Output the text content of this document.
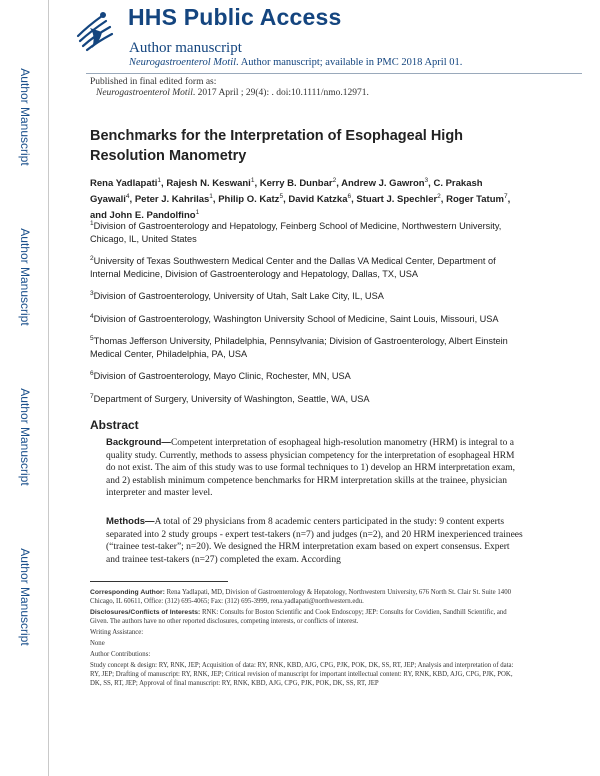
Author Manuscript
Author Manuscript
Author Manuscript
Author Manuscript
HHS Public Access
Author manuscript
Neurogastroenterol Motil. Author manuscript; available in PMC 2018 April 01.
Published in final edited form as:
Neurogastroenterol Motil. 2017 April ; 29(4): . doi:10.1111/nmo.12971.
Benchmarks for the Interpretation of Esophageal High Resolution Manometry
Rena Yadlapati$^1$, Rajesh N. Keswani$^1$, Kerry B. Dunbar$^2$, Andrew J. Gawron$^3$, C. Prakash Gyawali$^4$, Peter J. Kahrilas$^1$, Philip O. Katz$^5$, David Katzka$^6$, Stuart J. Spechler$^2$, Roger Tatum$^7$, and John E. Pandolfino$^1$

$^1$Division of Gastroenterology and Hepatology, Feinberg School of Medicine, Northwestern University, Chicago, IL, United States

$^2$University of Texas Southwestern Medical Center and the Dallas VA Medical Center, Department of Internal Medicine, Division of Gastroenterology and Hepatology, Dallas, TX, USA

$^3$Division of Gastroenterology, University of Utah, Salt Lake City, IL, USA

$^4$Division of Gastroenterology, Washington University School of Medicine, Saint Louis, Missouri, USA

$^5$Thomas Jefferson University, Philadelphia, Pennsylvania; Division of Gastroenterology, Albert Einstein Medical Center, Philadelphia, PA, USA

$^6$Division of Gastroenterology, Mayo Clinic, Rochester, MN, USA

$^7$Department of Surgery, University of Washington, Seattle, WA, USA

Abstract
Background—Competent interpretation of esophageal high-resolution manometry (HRM) is integral to a quality study. Currently, methods to assess physician competency for the interpretation of esophageal HRM do not exist. The aim of this study was to use formal techniques to 1) develop an HRM interpretation exam, and 2) establish minimum competence benchmarks for HRM interpretation skills at the trainee, physician interpreter and master level.
Methods—A total of 29 physicians from 8 academic centers participated in the study: 9 content experts separated into 2 study groups - expert test-takers (n=7) and judges (n=2), and 20 HRM inexperienced trainees (“trainee test-taker”; n=20). We designed the HRM interpretation exam based on expert consensus. Expert and trainee test-takers (n=27) completed the exam. According

Corresponding Author: Rena Yadlapati, MD, Division of Gastroenterology & Hepatology, Northwestern University, 676 North St. Clair St. Suite 1400 Chicago, IL 60611, Office: (312) 695-4065; Fax: (312) 695-3999, rena.yadlapati@northwestern.edu.

Disclosures/Conflicts of Interests: RNK: Consults for Boston Scientific and Cook Endoscopy; JEP: Consults for Covidien, Sandhill Scientific, and Given. The authors have no other reported disclosures, competing interests, or conflicts of interest.

Writing Assistance:

None

Author Contributions:

Study concept & design: RY, RNK, JEP; Acquisition of data: RY, RNK, KBD, AJG, CPG, PJK, POK, DK, SS, RT, JEP; Analysis and interpretation of data: RY, JEP; Drafting of manuscript: RY, RNK, JEP; Critical revision of manuscript for important intellectual content: RY, RNK, KBD, AJG, CPG, PJK, POK, DK, SS, RT, JEP; Approval of final manuscript: RY, RNK, KBD, AJG, CPG, PJK, POK, DK, SS, RT, JEP
